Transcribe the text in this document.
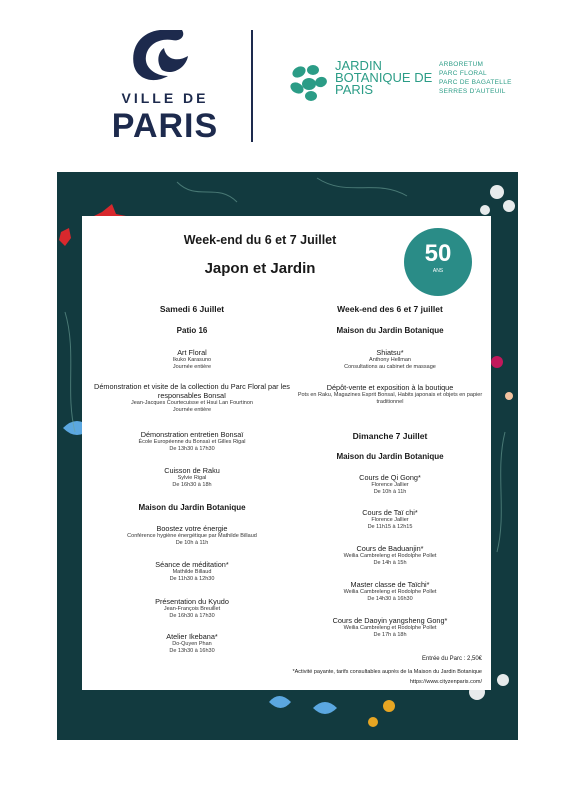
VILLE DE
PARIS
JARDIN BOTANIQUE DE PARIS
ARBORETUM
PARC FLORAL
PARC DE BAGATELLE
SERRES D'AUTEUIL
50
ANS
Week-end du 6 et 7 Juillet
Japon et Jardin
Samedi 6 Juillet
Patio 16
Art Floral
Ikuko Karasuno
Journée entière
Démonstration et visite de la collection du Parc Floral par les responsables Bonsaï
Jean-Jacques Courtecuisse et Hsui Lan Fourtinon
Journée entière
Démonstration entretien Bonsaï
École Européenne du Bonsaï et Gilles Rigal
De 13h30 à 17h30
Cuisson de Raku
Sylvie Rigal
De 16h30 à 18h
Maison du Jardin Botanique
Boostez votre énergie
Conférence hygiène énergétique par Mathilde Billaud
De 10h à 11h
Séance de méditation*
Mathilde Billaud
De 11h30 à 12h30
Présentation du Kyudo
Jean-François Breuillet
De 16h30 à 17h30
Atelier Ikebana*
Do-Quyen Phan
De 13h30 à 16h30
Week-end des 6 et 7 juillet
Maison du Jardin Botanique
Shiatsu*
Anthony Hellman
Consultations au cabinet de massage
Dépôt-vente et exposition à la boutique
Pots en Raku, Magazines Esprit Bonsaï, Habits japonais et objets en papier traditionnel
Dimanche 7 Juillet
Maison du Jardin Botanique
Cours de Qi Gong*
Florence Jallier
De 10h à 11h
Cours de Taï chi*
Florence Jallier
De 11h15 à 12h15
Cours de Baduanjin*
Weilia Cambreleng et Rodolphe Pollet
De 14h à 15h
Master classe de Taïchi*
Weilia Cambreleng et Rodolphe Pollet
De 14h30 à 16h30
Cours de Daoyin yangsheng Gong*
Weilia Cambreleng et Rodolphe Pollet
De 17h à 18h
Entrée du Parc : 2,50€
*Activité payante, tarifs consultables auprès de la Maison du Jardin Botanique
https://www.cityzenparis.com/
